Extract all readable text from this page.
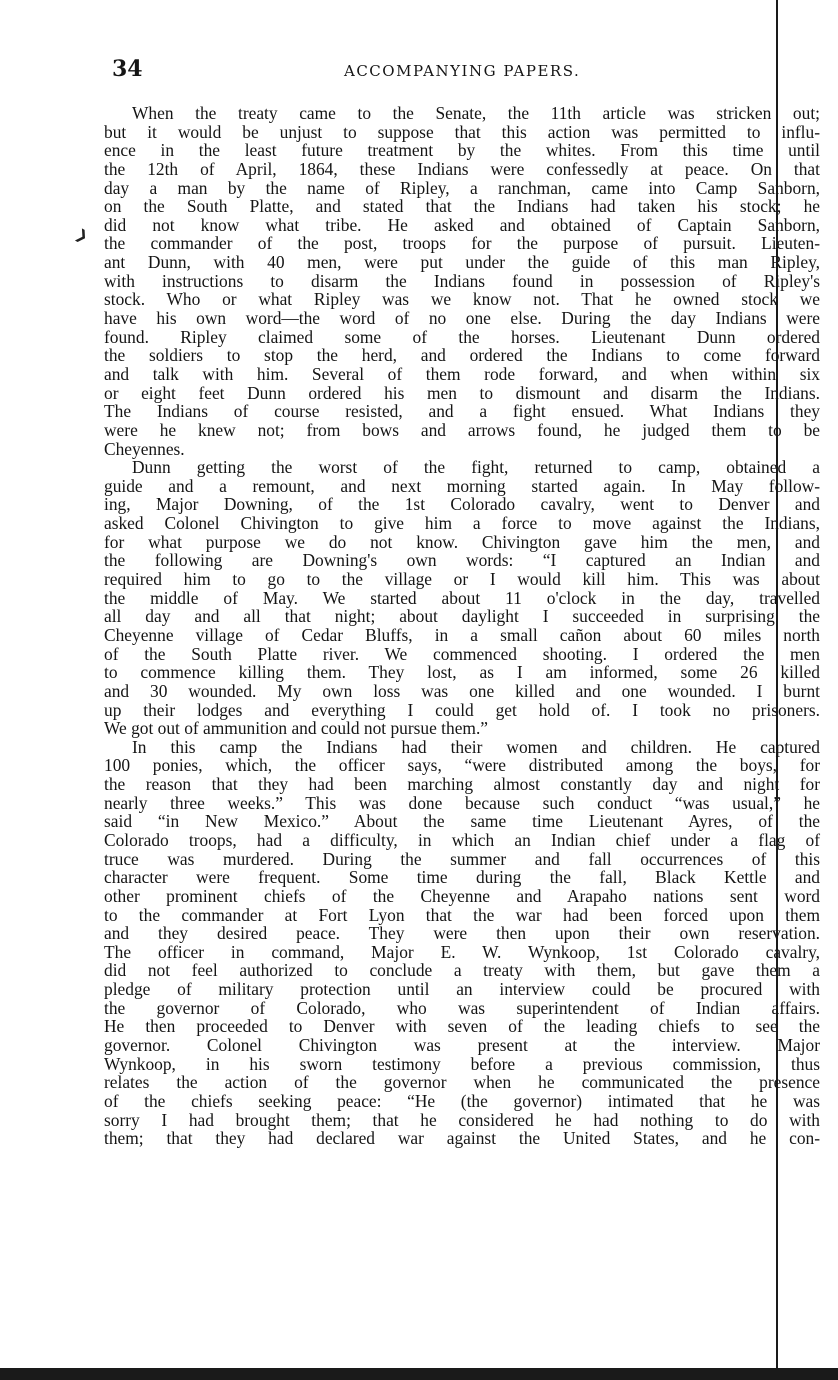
34	ACCOMPANYING PAPERS.
❯
When the treaty came to the Senate, the 11th article was stricken out;
but it would be unjust to suppose that this action was permitted to influ-
ence in the least future treatment by the whites. From this time until
the 12th of April, 1864, these Indians were confessedly at peace. On that
day a man by the name of Ripley, a ranchman, came into Camp Sanborn,
on the South Platte, and stated that the Indians had taken his stock; he
did not know what tribe. He asked and obtained of Captain Sanborn,
the commander of the post, troops for the purpose of pursuit. Lieuten-
ant Dunn, with 40 men, were put under the guide of this man Ripley,
with instructions to disarm the Indians found in possession of Ripley's
stock. Who or what Ripley was we know not. That he owned stock we
have his own word—the word of no one else. During the day Indians were
found. Ripley claimed some of the horses. Lieutenant Dunn ordered
the soldiers to stop the herd, and ordered the Indians to come forward
and talk with him. Several of them rode forward, and when within six
or eight feet Dunn ordered his men to dismount and disarm the Indians.
The Indians of course resisted, and a fight ensued. What Indians they
were he knew not; from bows and arrows found, he judged them to be
Cheyennes.
Dunn getting the worst of the fight, returned to camp, obtained a
guide and a remount, and next morning started again. In May follow-
ing, Major Downing, of the 1st Colorado cavalry, went to Denver and
asked Colonel Chivington to give him a force to move against the Indians,
for what purpose we do not know. Chivington gave him the men, and
the following are Downing's own words: “I captured an Indian and
required him to go to the village or I would kill him. This was about
the middle of May. We started about 11 o'clock in the day, travelled
all day and all that night; about daylight I succeeded in surprising the
Cheyenne village of Cedar Bluffs, in a small cañon about 60 miles north
of the South Platte river. We commenced shooting. I ordered the men
to commence killing them. They lost, as I am informed, some 26 killed
and 30 wounded. My own loss was one killed and one wounded. I burnt
up their lodges and everything I could get hold of. I took no prisoners.
We got out of ammunition and could not pursue them.”
In this camp the Indians had their women and children. He captured
100 ponies, which, the officer says, “were distributed among the boys, for
the reason that they had been marching almost constantly day and night for
nearly three weeks.” This was done because such conduct “was usual,” he
said “in New Mexico.” About the same time Lieutenant Ayres, of the
Colorado troops, had a difficulty, in which an Indian chief under a flag of
truce was murdered. During the summer and fall occurrences of this
character were frequent. Some time during the fall, Black Kettle and
other prominent chiefs of the Cheyenne and Arapaho nations sent word
to the commander at Fort Lyon that the war had been forced upon them
and they desired peace. They were then upon their own reservation.
The officer in command, Major E. W. Wynkoop, 1st Colorado cavalry,
did not feel authorized to conclude a treaty with them, but gave them a
pledge of military protection until an interview could be procured with
the governor of Colorado, who was superintendent of Indian affairs.
He then proceeded to Denver with seven of the leading chiefs to see the
governor. Colonel Chivington was present at the interview. Major
Wynkoop, in his sworn testimony before a previous commission, thus
relates the action of the governor when he communicated the presence
of the chiefs seeking peace: “He (the governor) intimated that he was
sorry I had brought them; that he considered he had nothing to do with
them; that they had declared war against the United States, and he con-
